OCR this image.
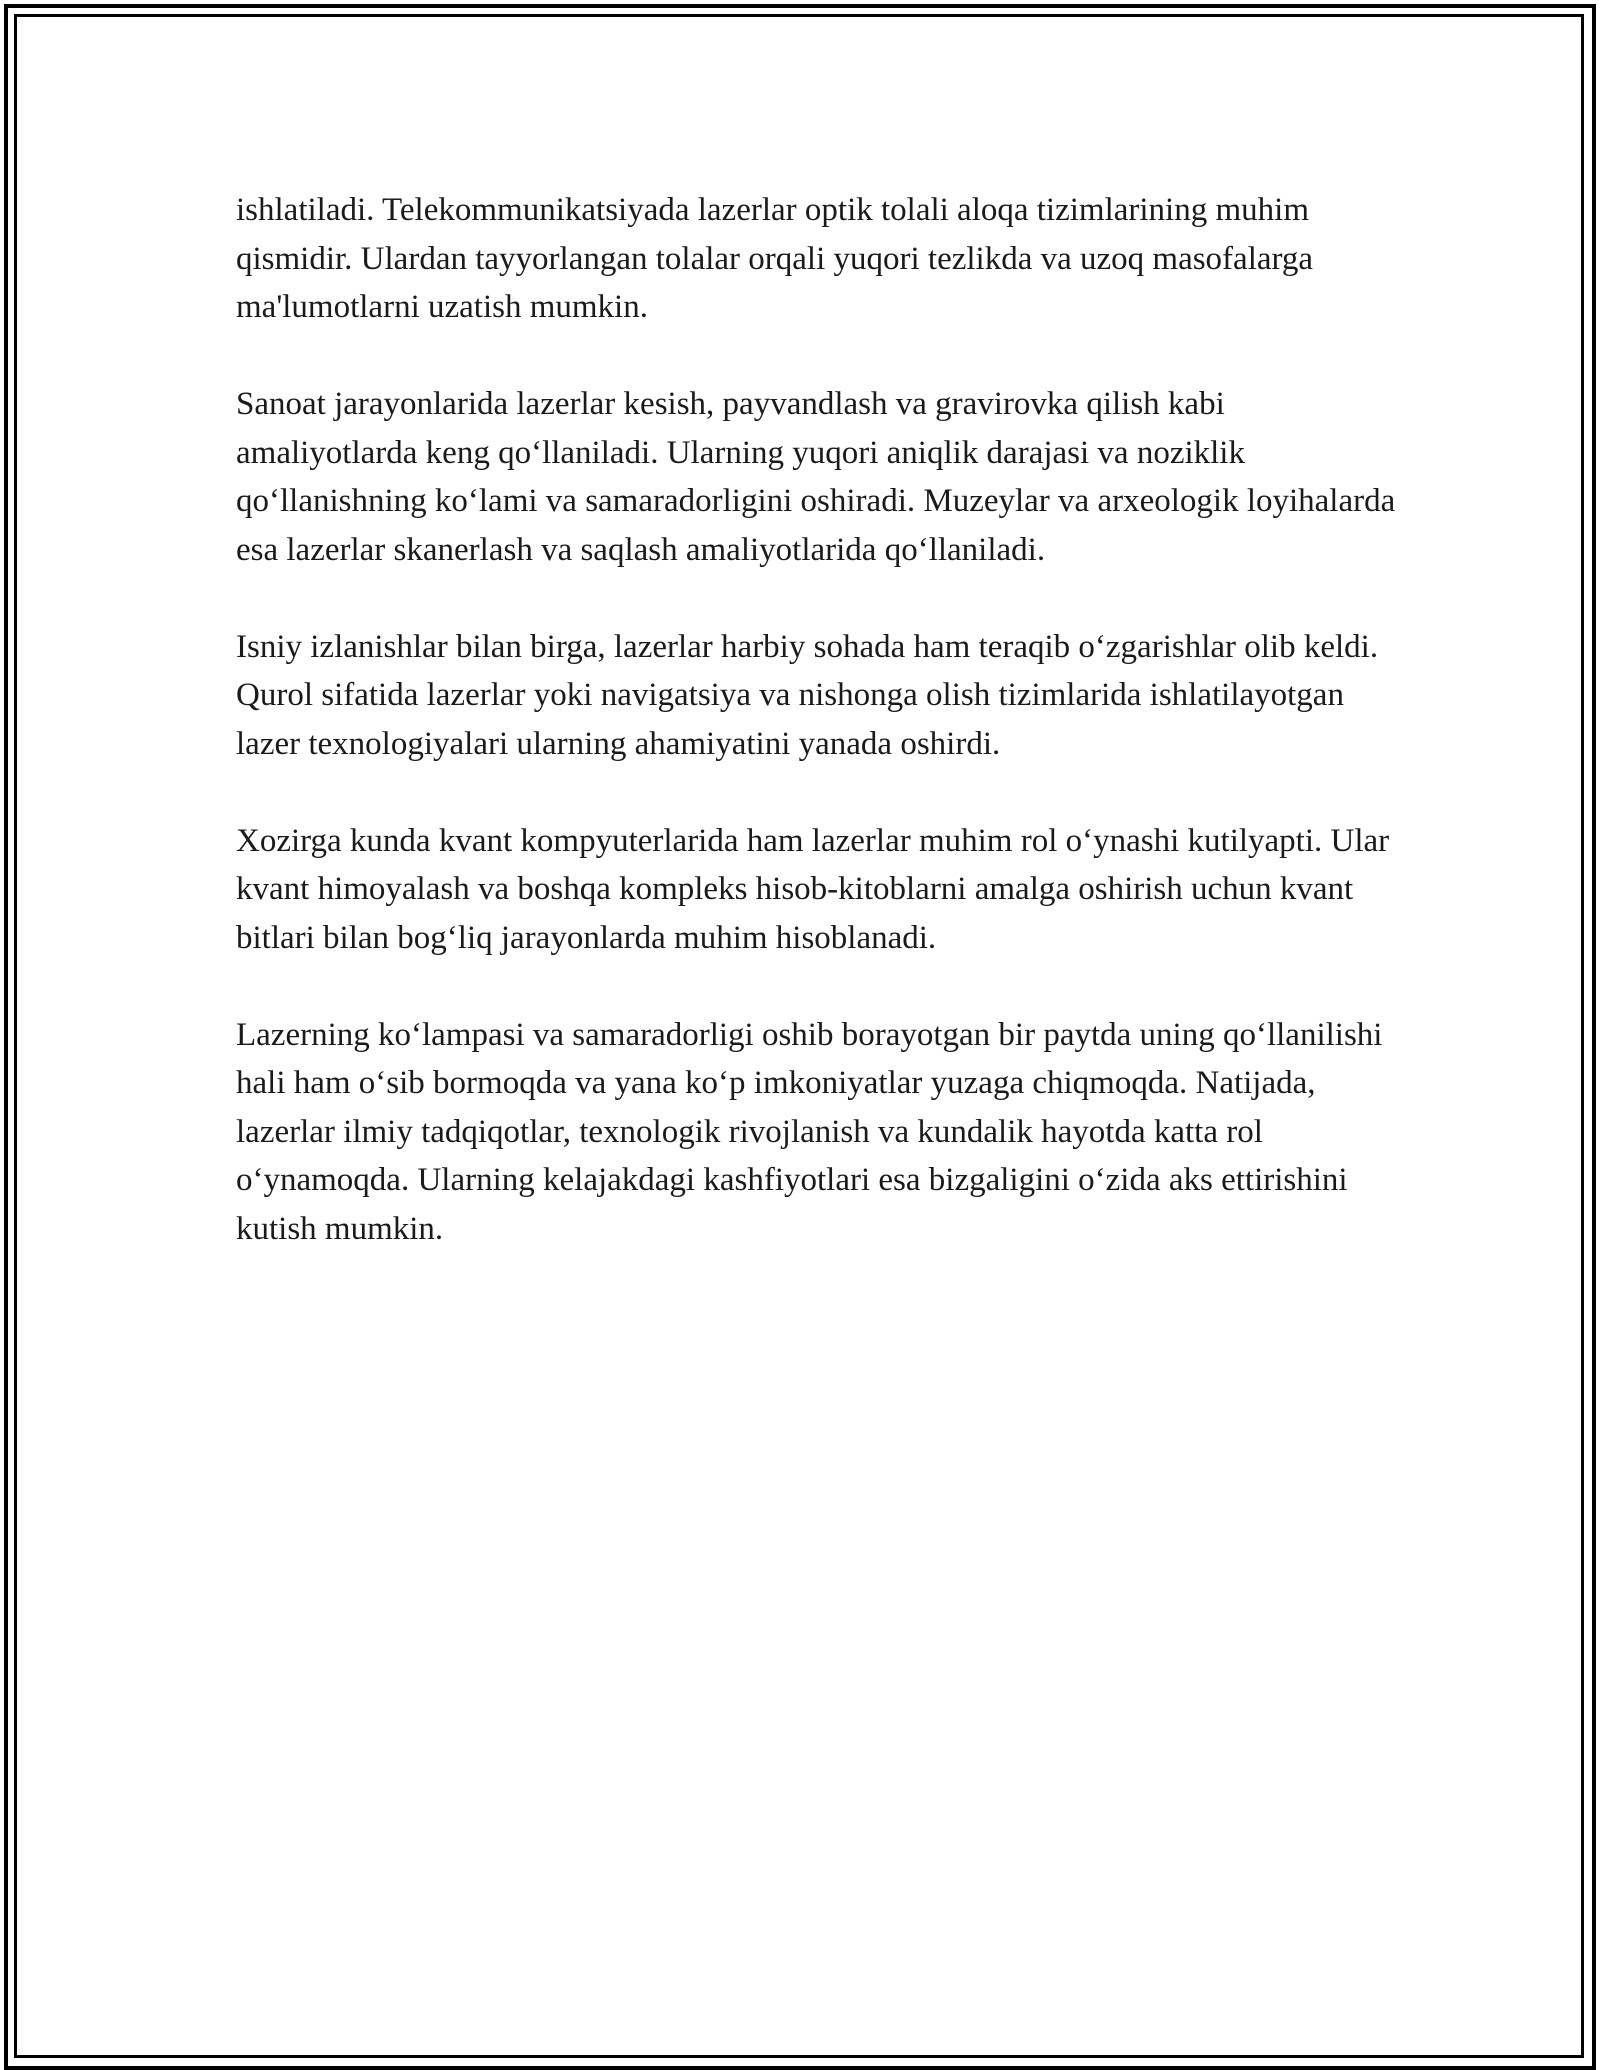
ishlatiladi. Telekommunikatsiyada lazerlar optik tolali aloqa tizimlarining muhim qismidir. Ulardan tayyorlangan tolalar orqali yuqori tezlikda va uzoq masofalarga ma'lumotlarni uzatish mumkin.

Sanoat jarayonlarida lazerlar kesish, payvandlash va gravirovka qilish kabi amaliyotlarda keng qoʻllaniladi. Ularning yuqori aniqlik darajasi va noziklik qoʻllanishning koʻlami va samaradorligini oshiradi. Muzeylar va arxeologik loyihalarda esa lazerlar skanerlash va saqlash amaliyotlarida qoʻllaniladi.

Isniy izlanishlar bilan birga, lazerlar harbiy sohada ham teraqib oʻzgarishlar olib keldi. Qurol sifatida lazerlar yoki navigatsiya va nishonga olish tizimlarida ishlatilayotgan lazer texnologiyalari ularning ahamiyatini yanada oshirdi.

Xozirga kunda kvant kompyuterlarida ham lazerlar muhim rol oʻynashi kutilyapti. Ular kvant himoyalash va boshqa kompleks hisob-kitoblarni amalga oshirish uchun kvant bitlari bilan bogʻliq jarayonlarda muhim hisoblanadi.

Lazerning koʻlampasi va samaradorligi oshib borayotgan bir paytda uning qoʻllanilishi hali ham oʻsib bormoqda va yana koʻp imkoniyatlar yuzaga chiqmoqda. Natijada, lazerlar ilmiy tadqiqotlar, texnologik rivojlanish va kundalik hayotda katta rol oʻynamoqda. Ularning kelajakdagi kashfiyotlari esa bizgaligini oʻzida aks ettirishini kutish mumkin.
